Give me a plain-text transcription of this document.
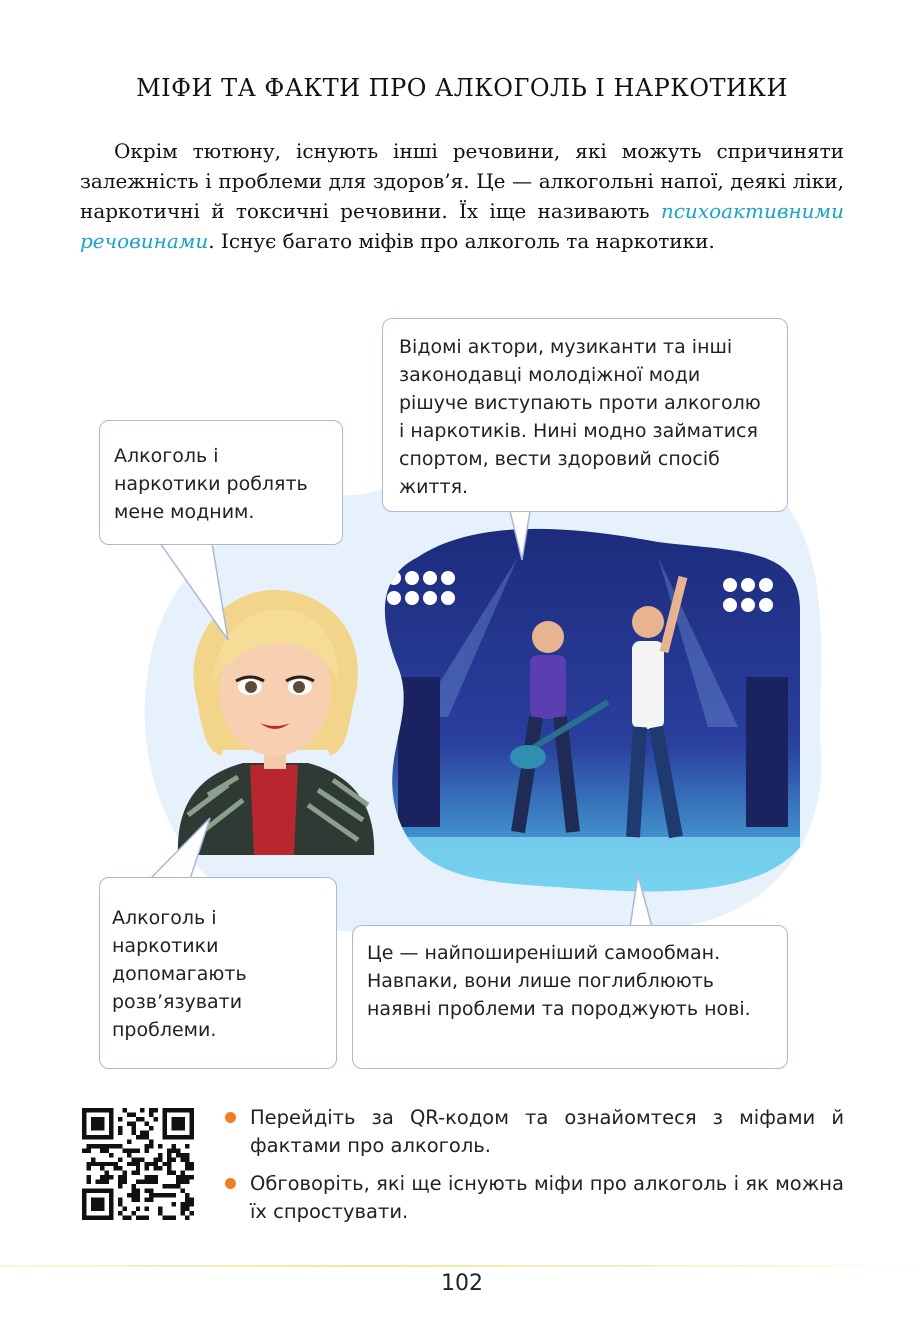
МІФИ ТА ФАКТИ ПРО АЛКОГОЛЬ І НАРКОТИКИ
Окрім тютюну, існують інші речовини, які можуть спричиняти залежність і проблеми для здоров’я. Це — алкогольні напої, деякі ліки, наркотичні й токсичні речовини. Їх іще називають психоактивними речовинами. Існує багато міфів про алкоголь та наркотики.
Алкоголь і наркотики роблять мене модним.
Відомі актори, музиканти та інші законодавці молодіжної моди рішуче виступають проти алкоголю і наркотиків. Нині модно займатися спортом, вести здоровий спосіб життя.
Алкоголь і наркотики допомагають розв’язувати проблеми.
Це — найпоширеніший самообман. Навпаки, вони лише поглиблюють наявні проблеми та породжують нові.
Перейдіть за QR-кодом та ознайомтеся з міфами й фактами про алкоголь.
Обговоріть, які ще існують міфи про алкоголь і як можна їх спростувати.
102
